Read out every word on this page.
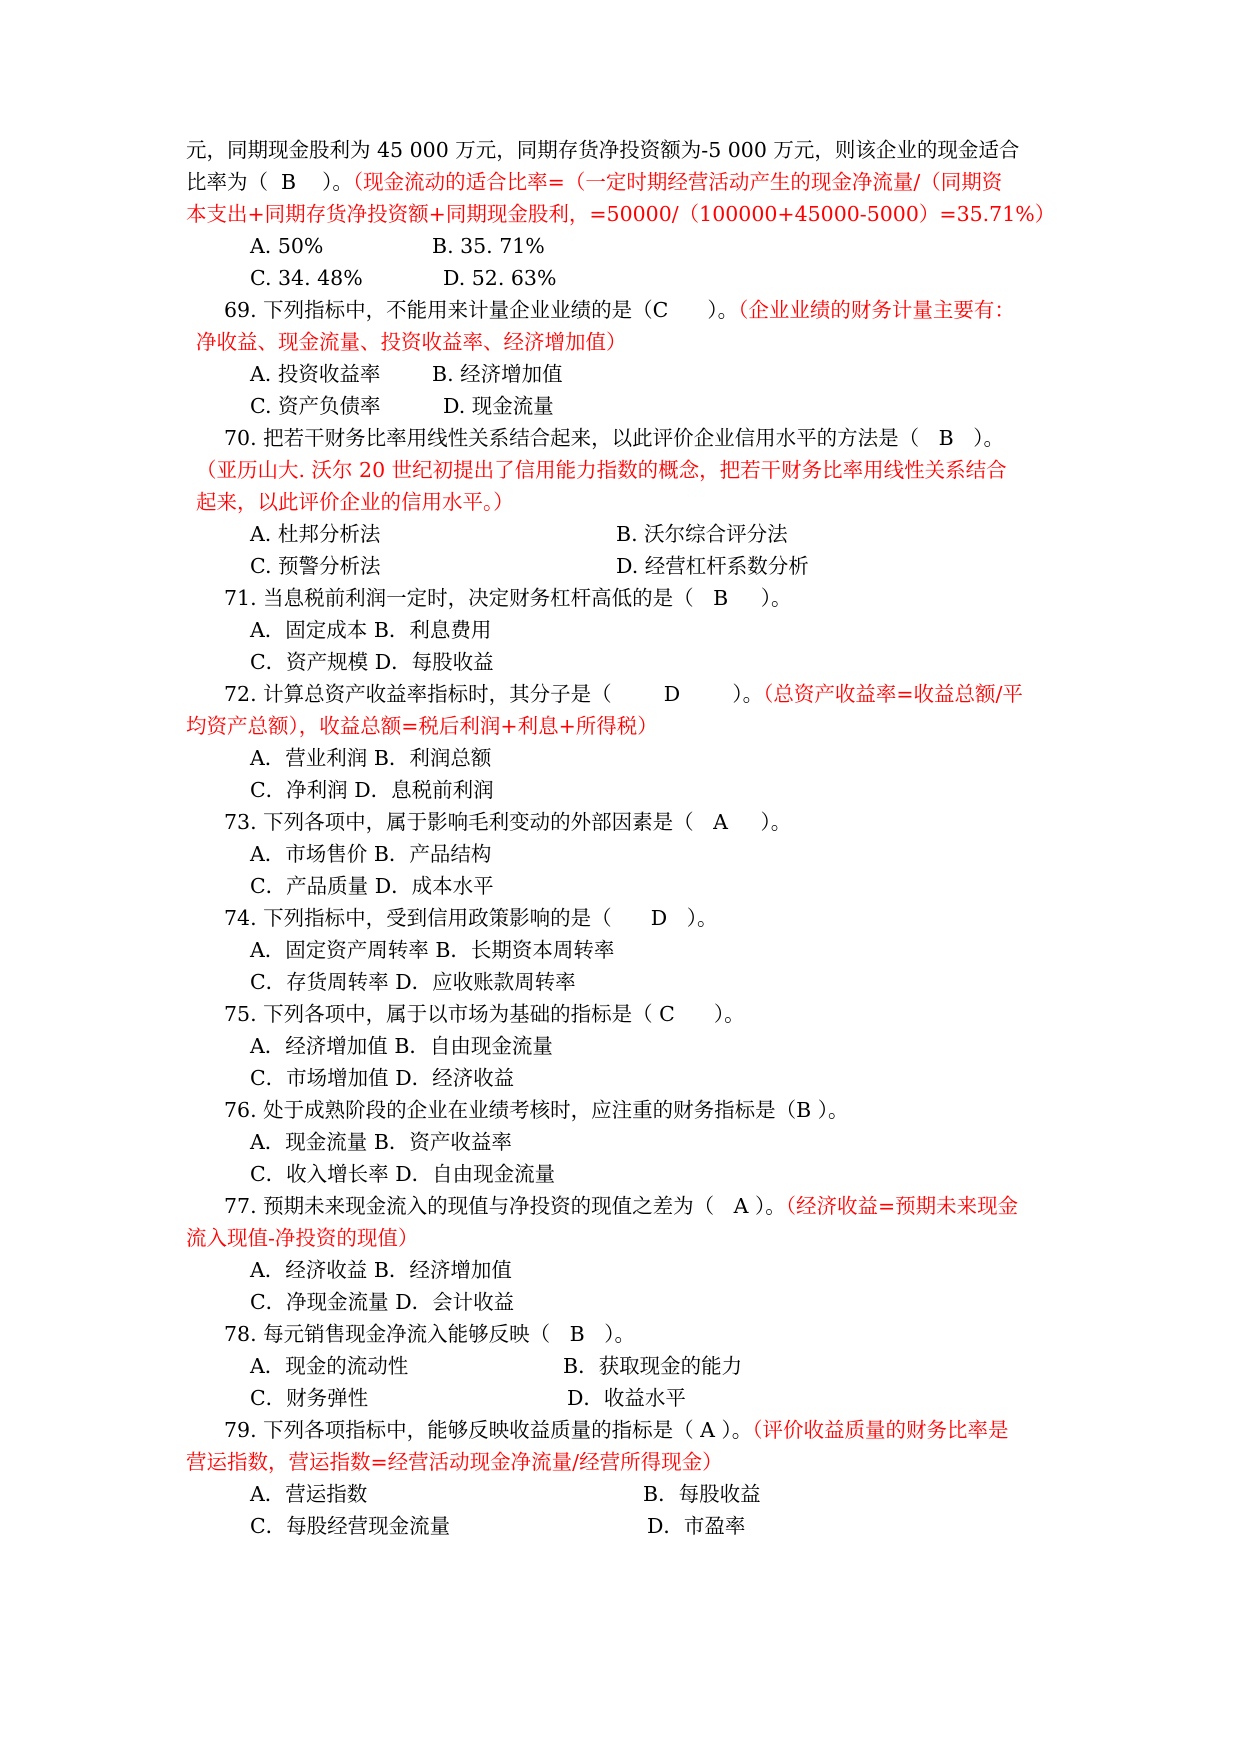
元，同期现金股利为 45 000 万元，同期存货净投资额为-5 000 万元，则该企业的现金适合
比率为（  B    ）。（现金流动的适合比率=（一定时期经营活动产生的现金净流量/（同期资
本支出+同期存货净投资额+同期现金股利，=50000/（100000+45000-5000）=35.71%）
A. 50%	B. 35. 71%
C. 34. 48%	D. 52. 63%
69. 下列指标中，不能用来计量企业业绩的是（C      ）。（企业业绩的财务计量主要有：
净收益、现金流量、投资收益率、经济增加值）
A. 投资收益率	B. 经济增加值
C. 资产负债率	D. 现金流量
70. 把若干财务比率用线性关系结合起来，以此评价企业信用水平的方法是（   B   ）。
（亚历山大. 沃尔 20 世纪初提出了信用能力指数的概念，把若干财务比率用线性关系结合
起来，以此评价企业的信用水平。）
A. 杜邦分析法	B. 沃尔综合评分法
C. 预警分析法	D. 经营杠杆系数分析
71. 当息税前利润一定时，决定财务杠杆高低的是（   B     ）。
A．固定成本 B．利息费用
C．资产规模 D．每股收益
72. 计算总资产收益率指标时，其分子是（        D        ）。（总资产收益率=收益总额/平
均资产总额），收益总额=税后利润+利息+所得税）
A．营业利润 B．利润总额
C．净利润 D．息税前利润
73. 下列各项中，属于影响毛利变动的外部因素是（   A     ）。
A．市场售价 B．产品结构
C．产品质量 D．成本水平
74. 下列指标中，受到信用政策影响的是（      D   ）。
A．固定资产周转率 B．长期资本周转率
C．存货周转率 D．应收账款周转率
75. 下列各项中，属于以市场为基础的指标是（ C      ）。
A．经济增加值 B．自由现金流量
C．市场增加值 D．经济收益
76. 处于成熟阶段的企业在业绩考核时，应注重的财务指标是（B ）。
A．现金流量 B．资产收益率
C．收入增长率 D．自由现金流量
77. 预期未来现金流入的现值与净投资的现值之差为（   A ）。（经济收益=预期未来现金
流入现值-净投资的现值）
A．经济收益 B．经济增加值
C．净现金流量 D．会计收益
78. 每元销售现金净流入能够反映（   B   ）。
A．现金的流动性	B．获取现金的能力
C．财务弹性	D．收益水平
79. 下列各项指标中，能够反映收益质量的指标是（ A ）。（评价收益质量的财务比率是
营运指数，营运指数=经营活动现金净流量/经营所得现金）
A．营运指数	B．每股收益
C．每股经营现金流量	D．市盈率
